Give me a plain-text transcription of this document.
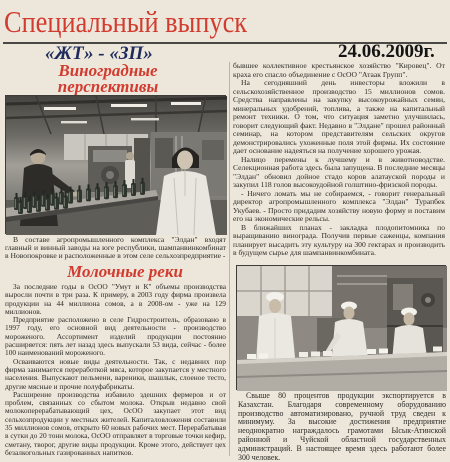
Специальный выпуск
«ЖТ» - «ЗП»	24.06.2009г.
Виноградные перспективы

В составе агропромышленного комплекса "Элдан" входят главный и винный заводы на юге республики, шампанвинкомбинат в Новопокровке и расположенные в этом селе сельхозпредприятие -

Молочные реки

За последние годы в ОсОО "Умут и К" объемы производства выросли почти в три раза. К примеру, в 2003 году фирма произвела продукции на 44 миллиона сомов, а в 2008-ом - уже на 129 миллионов.

Предприятие расположено в селе Гидростроитель, образовано в 1997 году, его основной вид деятельности - производство мороженого. Ассортимент изделий продукции постоянно расширяется: пять лет назад здесь выпускали 53 вида, сейчас - более 100 наименований мороженого.

Осваиваются новые виды деятельности. Так, с недавних пор фирма занимается переработкой мяса, которое закупается у местного населения. Выпускают пельмени, вареники, шашлык, слоеное тесто, другие мясные и прочие полуфабрикаты.

Расширение производства избавило здешних фермеров и от проблем, связанных со сбытом молока. Открыв недавно свой молокоперерабатывающий цех, ОсОО закупает этот вид сельхозпродукции у местных жителей. Капиталовложения составили 35 миллионов сомов, открыто 60 новых рабочих мест. Перерабатывая в сутки до 20 тонн молока, ОсОО отправляет в торговые точки кефир, сметану, творог, другие виды продукции. Кроме этого, действует цех безалкогольных газированных напитков.

бывшее коллективное крестьянское хозяйство "Кировец". От краха его спасло объединение с ОсОО "Атаак Групп".

На сегодняшний день инвесторы вложили в сельскохозяйственное производство 15 миллионов сомов. Средства направлены на закупку высокоурожайных семян, минеральных удобрений, топлива, а также на капитальный ремонт техники. О том, что ситуация заметно улучшилась, говорит следующий факт. Недавно в "Элдане" прошел районный семинар, на котором представителям сельских округов демонстрировались ухоженные поля этой фирмы. Их состояние дает основание надеяться на получение хорошего урожая.

Налицо перемены к лучшему и в животноводстве. Селекционная работа здесь была запущена. В последние месяцы "Элдан" обновил дойное стадо коров алатауской породы и закупил 118 голов высокоудойной голштино-фризской породы.

- Ничего ломать мы не собираемся, - говорит генеральный директор агропромышленного комплекса "Элдан" Турапбек Укубаев. - Просто придадим хозяйству новую форму и поставим его на экономические рельсы.

В ближайших планах - закладка плодопитомника по выращиванию винограда. Получив первые саженцы, компания планирует высадить эту культуру на 300 гектарах и производить в будущем сырье для шампанвинкомбината.

Свыше 80 процентов продукции экспортируется в Казахстан. Благодаря современному оборудованию производство автоматизировано, ручной труд сведен к минимуму. За высокие достижения предприятие неоднократно награждалось грамотами Ысык-Атинской районной и Чуйской областной государственных администраций. В настоящее время здесь работают более 300 человек.
